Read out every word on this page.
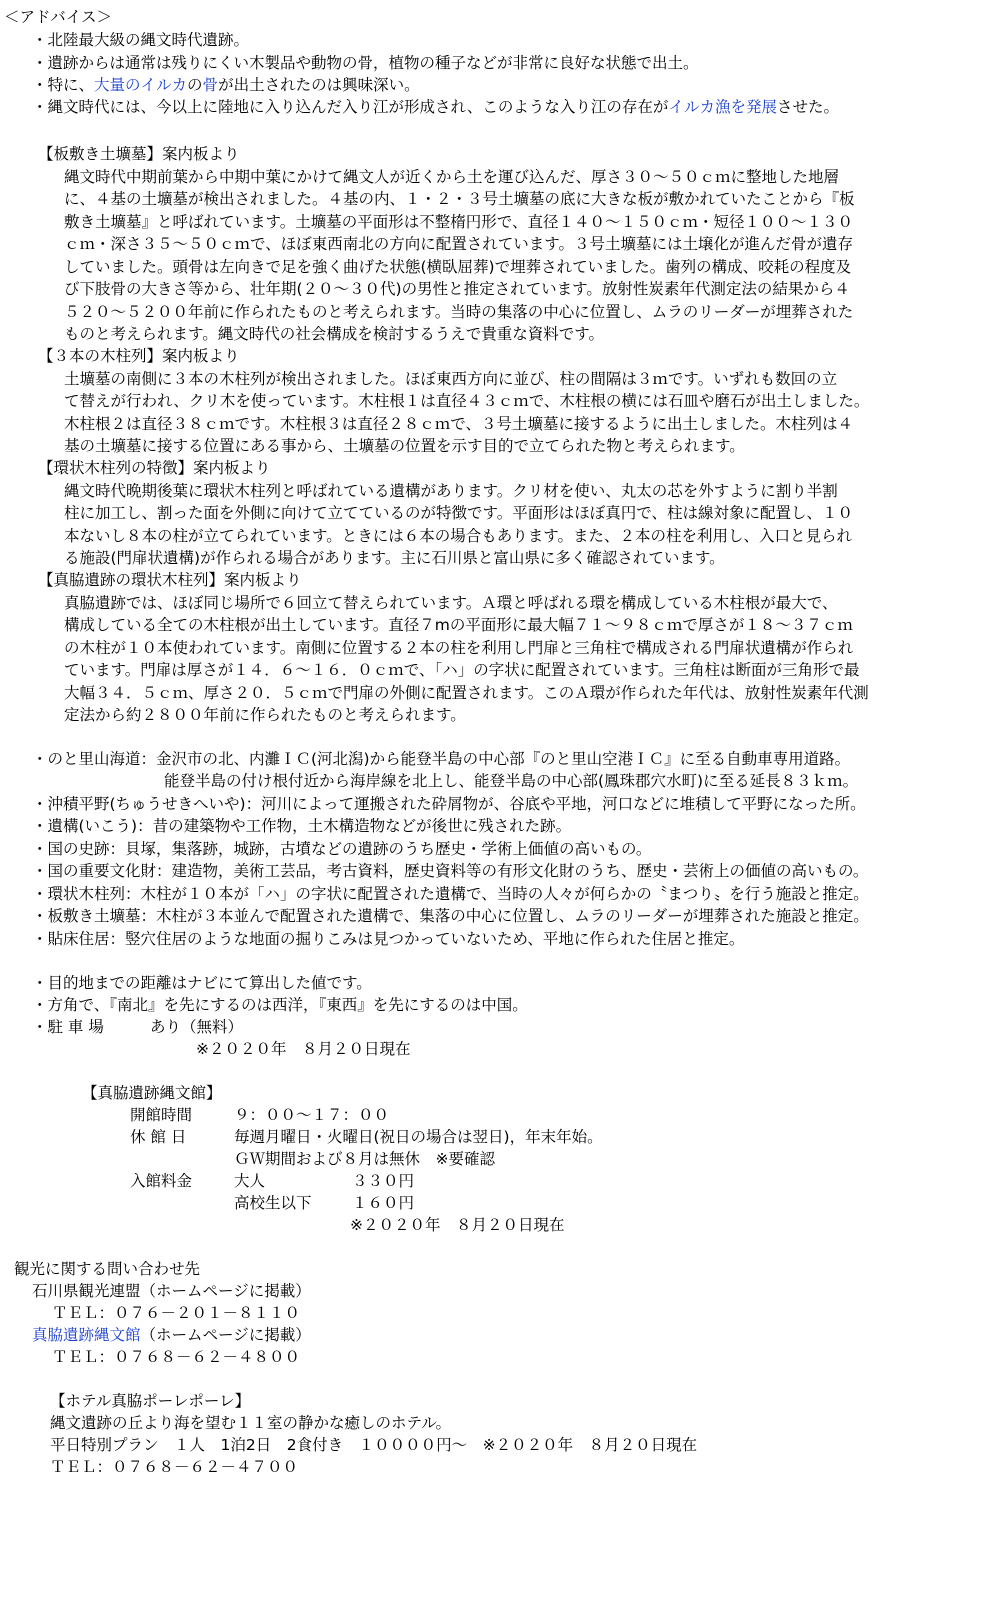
＜アドバイス＞
・北陸最大級の縄文時代遺跡。
・遺跡からは通常は残りにくい木製品や動物の骨，植物の種子などが非常に良好な状態で出土。
・特に、大量のイルカの骨が出土されたのは興味深い。
・縄文時代には、今以上に陸地に入り込んだ入り江が形成され、このような入り江の存在がイルカ漁を発展させた。
【板敷き土壙墓】案内板より
縄文時代中期前葉から中期中葉にかけて縄文人が近くから土を運び込んだ、厚さ３０～５０ｃｍに整地した地層
に、４基の土壙墓が検出されました。４基の内、１・２・３号土壙墓の底に大きな板が敷かれていたことから『板
敷き土壙墓』と呼ばれています。土壙墓の平面形は不整楕円形で、直径１４０～１５０ｃｍ・短径１００～１３０
ｃｍ・深さ３５～５０ｃｍで、ほぼ東西南北の方向に配置されています。３号土壙墓には土壌化が進んだ骨が遺存
していました。頭骨は左向きで足を強く曲げた状態(横臥屈葬)で埋葬されていました。歯列の構成、咬耗の程度及
び下肢骨の大きさ等から、壮年期(２０～３０代)の男性と推定されています。放射性炭素年代測定法の結果から４
５２０～５２００年前に作られたものと考えられます。当時の集落の中心に位置し、ムラのリーダーが埋葬された
ものと考えられます。縄文時代の社会構成を検討するうえで貴重な資料です。
【３本の木柱列】案内板より
土壙墓の南側に３本の木柱列が検出されました。ほぼ東西方向に並び、柱の間隔は３ｍです。いずれも数回の立
て替えが行われ、クリ木を使っています。木柱根１は直径４３ｃｍで、木柱根の横には石皿や磨石が出土しました。
木柱根２は直径３８ｃｍです。木柱根３は直径２８ｃｍで、３号土壙墓に接するように出土しました。木柱列は４
基の土壙墓に接する位置にある事から、土壙墓の位置を示す目的で立てられた物と考えられます。
【環状木柱列の特徴】案内板より
縄文時代晩期後葉に環状木柱列と呼ばれている遺構があります。クリ材を使い、丸太の芯を外すように割り半割
柱に加工し、割った面を外側に向けて立てているのが特徴です。平面形はほぼ真円で、柱は線対象に配置し、１０
本ないし８本の柱が立てられています。ときには６本の場合もあります。また、２本の柱を利用し、入口と見られ
る施設(門扉状遺構)が作られる場合があります。主に石川県と富山県に多く確認されています。
【真脇遺跡の環状木柱列】案内板より
真脇遺跡では、ほぼ同じ場所で６回立て替えられています。Ａ環と呼ばれる環を構成している木柱根が最大で、
構成している全ての木柱根が出土しています。直径７mの平面形に最大幅７１～９８ｃｍで厚さが１８～３７ｃｍ
の木柱が１０本使われています。南側に位置する２本の柱を利用し門扉と三角柱で構成される門扉状遺構が作られ
ています。門扉は厚さが１４．６～１６．０ｃｍで、「ハ」の字状に配置されています。三角柱は断面が三角形で最
大幅３４．５ｃｍ、厚さ２０．５ｃｍで門扉の外側に配置されます。このＡ環が作られた年代は、放射性炭素年代測
定法から約２８００年前に作られたものと考えられます。
・のと里山海道：金沢市の北、内灘ＩＣ(河北潟)から能登半島の中心部『のと里山空港ＩＣ』に至る自動車専用道路。
能登半島の付け根付近から海岸線を北上し、能登半島の中心部(鳳珠郡穴水町)に至る延長８３ｋｍ。
・沖積平野(ちゅうせきへいや)：河川によって運搬された砕屑物が、谷底や平地，河口などに堆積して平野になった所。
・遺構(いこう)：昔の建築物や工作物，土木構造物などが後世に残された跡。
・国の史跡：貝塚，集落跡，城跡，古墳などの遺跡のうち歴史・学術上価値の高いもの。
・国の重要文化財：建造物，美術工芸品，考古資料，歴史資料等の有形文化財のうち、歴史・芸術上の価値の高いもの。
・環状木柱列：木柱が１０本が「ハ」の字状に配置された遺構で、当時の人々が何らかの〝まつり〟を行う施設と推定。
・板敷き土壙墓：木柱が３本並んで配置された遺構で、集落の中心に位置し、ムラのリーダーが埋葬された施設と推定。
・貼床住居：竪穴住居のような地面の掘りこみは見つかっていないため、平地に作られた住居と推定。
・目的地までの距離はナビにて算出した値です。
・方角で、『南北』を先にするのは西洋，『東西』を先にするのは中国。
・駐 車 場	あり（無料）
※２０２０年　８月２０日現在
【真脇遺跡縄文館】
開館時間	９：００～１７：００
休 館 日	毎週月曜日・火曜日(祝日の場合は翌日)，年末年始。
ＧＷ期間および８月は無休　※要確認
入館料金	大人	３３０円
高校生以下	１６０円
※２０２０年　８月２０日現在
観光に関する問い合わせ先
石川県観光連盟（ホームページに掲載）
ＴＥＬ：０７６－２０１－８１１０
真脇遺跡縄文館（ホームページに掲載）
ＴＥＬ：０７６８－６２－４８００
【ホテル真脇ポーレポーレ】
縄文遺跡の丘より海を望む１１室の静かな癒しのホテル。
平日特別プラン　１人　1泊2日　2食付き　１００００円～　※２０２０年　８月２０日現在
ＴＥＬ：０７６８－６２－４７００
